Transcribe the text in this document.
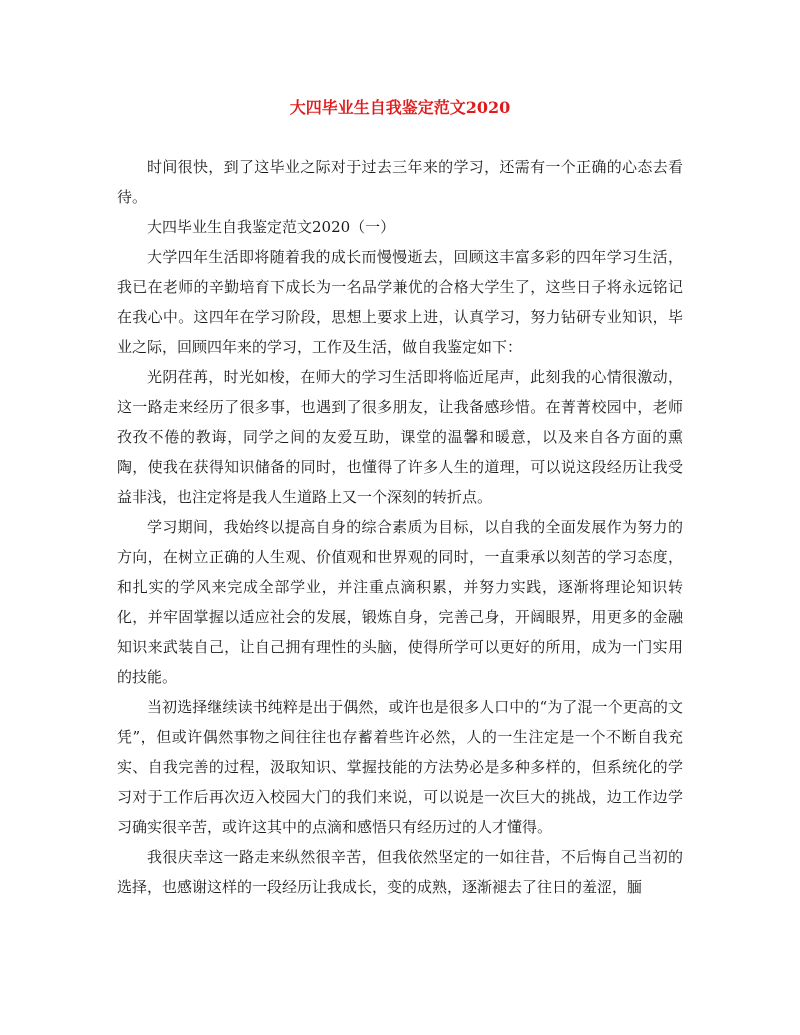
大四毕业生自我鉴定范文2020

时间很快，到了这毕业之际对于过去三年来的学习，还需有一个正确的心态去看待。

大四毕业生自我鉴定范文2020（一）

大学四年生活即将随着我的成长而慢慢逝去，回顾这丰富多彩的四年学习生活，我已在老师的辛勤培育下成长为一名品学兼优的合格大学生了，这些日子将永远铭记在我心中。这四年在学习阶段，思想上要求上进，认真学习，努力钻研专业知识，毕业之际，回顾四年来的学习，工作及生活，做自我鉴定如下：

光阴荏苒，时光如梭，在师大的学习生活即将临近尾声，此刻我的心情很激动，这一路走来经历了很多事，也遇到了很多朋友，让我备感珍惜。在菁菁校园中，老师孜孜不倦的教诲，同学之间的友爱互助，课堂的温馨和暖意，以及来自各方面的熏陶，使我在获得知识储备的同时，也懂得了许多人生的道理，可以说这段经历让我受益非浅，也注定将是我人生道路上又一个深刻的转折点。

学习期间，我始终以提高自身的综合素质为目标，以自我的全面发展作为努力的方向，在树立正确的人生观、价值观和世界观的同时，一直秉承以刻苦的学习态度，和扎实的学风来完成全部学业，并注重点滴积累，并努力实践，逐渐将理论知识转化，并牢固掌握以适应社会的发展，锻炼自身，完善己身，开阔眼界，用更多的金融知识来武装自己，让自己拥有理性的头脑，使得所学可以更好的所用，成为一门实用的技能。

当初选择继续读书纯粹是出于偶然，或许也是很多人口中的“为了混一个更高的文凭”，但或许偶然事物之间往往也存蓄着些许必然，人的一生注定是一个不断自我充实、自我完善的过程，汲取知识、掌握技能的方法势必是多种多样的，但系统化的学习对于工作后再次迈入校园大门的我们来说，可以说是一次巨大的挑战，边工作边学习确实很辛苦，或许这其中的点滴和感悟只有经历过的人才懂得。

我很庆幸这一路走来纵然很辛苦，但我依然坚定的一如往昔，不后悔自己当初的选择，也感谢这样的一段经历让我成长，变的成熟，逐渐褪去了往日的羞涩，腼
